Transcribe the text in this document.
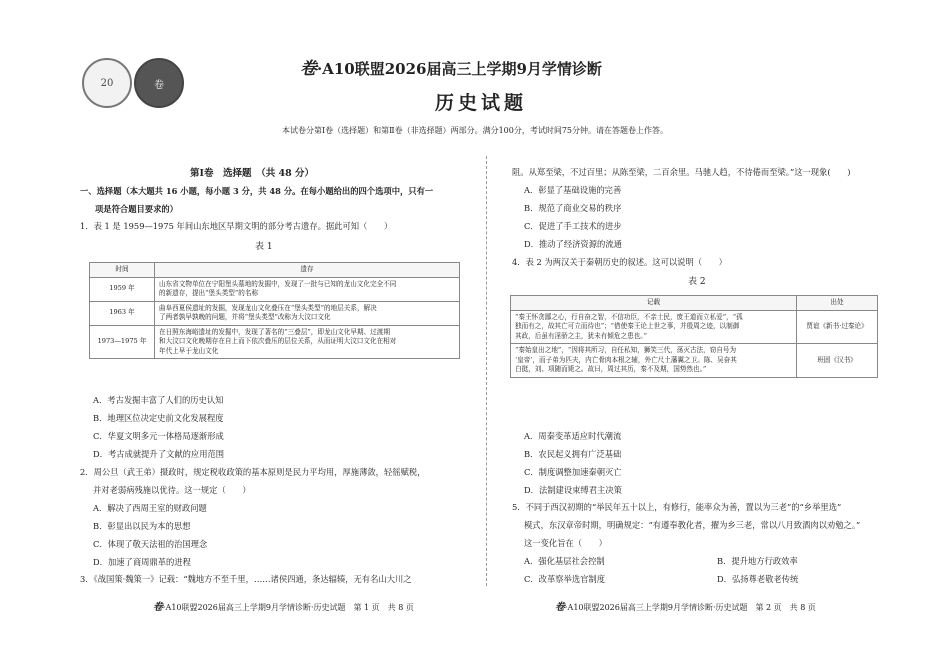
20	卷
卷·A10联盟2026届高三上学期9月学情诊断
历史试题
本试卷分第Ⅰ卷（选择题）和第Ⅱ卷（非选择题）两部分。满分100分，考试时间75分钟。请在答题卷上作答。
第Ⅰ卷　选择题　（共 48 分）
一、选择题（本大题共 16 小题，每小题 3 分，共 48 分。在每小题给出的四个选项中，只有一
项是符合题目要求的）
1．表 1 是 1959—1975 年间山东地区早期文明的部分考古遗存。据此可知（　　）
表 1
时间	遗存
1959 年	山东省文物单位在宁阳堡头墓地的发掘中，发现了一批与已知的龙山文化完全不同
的新遗存，提出“堡头类型”的名称

1963 年	曲阜西夏侯遗址的发掘，发现龙山文化叠压在“堡头类型”的地层关系，解决
了两者孰早孰晚的问题，并将“堡头类型”改称为大汶口文化

1973—1975 年	在日照东海峪遗址的发掘中，发现了著名的“三叠层”，即龙山文化早期、过渡期
和大汶口文化晚期存在自上而下依次叠压的层位关系，从而证明大汶口文化在相对
年代上早于龙山文化
A．考古发掘丰富了人们的历史认知
B．地理区位决定史前文化发展程度
C．华夏文明多元一体格局逐渐形成
D．考古成就提升了文献的应用范围
2．周公旦（武王弟）摄政时，规定税收政策的基本原则是民力平均用，厚施薄敛，轻徭赋税，
并对老弱病残施以优待。这一规定（　　）
A．解决了西周王室的财政问题
B．彰显出以民为本的思想
C．体现了敬天法祖的治国理念
D．加速了商周鼎革的进程
3．《战国策·魏策一》记载：“魏地方不至千里，……诸侯四通，条达辐辏，无有名山大川之
阻。从郑至梁，不过百里；从陈至梁，二百余里。马驰人趋，不待倦而至梁。”这一现象(　　)
A．彰显了基础设施的完善
B．规范了商业交易的秩序
C．促进了手工技术的进步
D．推动了经济资源的流通
4．表 2 为两汉关于秦朝历史的叙述。这可以说明（　　）
表 2
记载	出处

“秦王怀贪鄙之心，行自奋之智，不信功臣，不亲士民，废王道而立私爱”，“孤
独而有之，故其亡可立而待也”；“借使秦王论上世之事，并殷周之迹，以制御
其政，后虽有淫骄之主，犹未有倾危之患也。”	贾谊《新书·过秦论》

“秦始皇出之地”，“因将其所习，自任私知，狮笑三代，荡灭古法，窃自号为
‘皇帝’，而子弟为匹夫，内亡骨肉本根之辅，外亡尺土藩翼之卫。陈、吴奋其
白挺，刘、项随而毙之。故曰，周过其历，秦不及期，国势然也。”	班固《汉书》
A．周秦变革适应时代潮流
B．农民起义拥有广泛基础
C．制度调整加速秦朝灭亡
D．法制建设束缚君主决策
5．不同于西汉初期的“举民年五十以上，有修行，能率众为善，置以为三老”的“乡举里选”
模式，东汉章帝时期，明确规定：“有遵奉教化者，擢为乡三老，常以八月致酒肉以劝勉之。”
这一变化旨在（　　）
A．强化基层社会控制	B．提升地方行政效率
C．改革察举选官制度	D．弘扬尊老敬老传统
卷·A10联盟2026届高三上学期9月学情诊断·历史试题　第 1 页　共 8 页	卷·A10联盟2026届高三上学期9月学情诊断·历史试题　第 2 页　共 8 页
